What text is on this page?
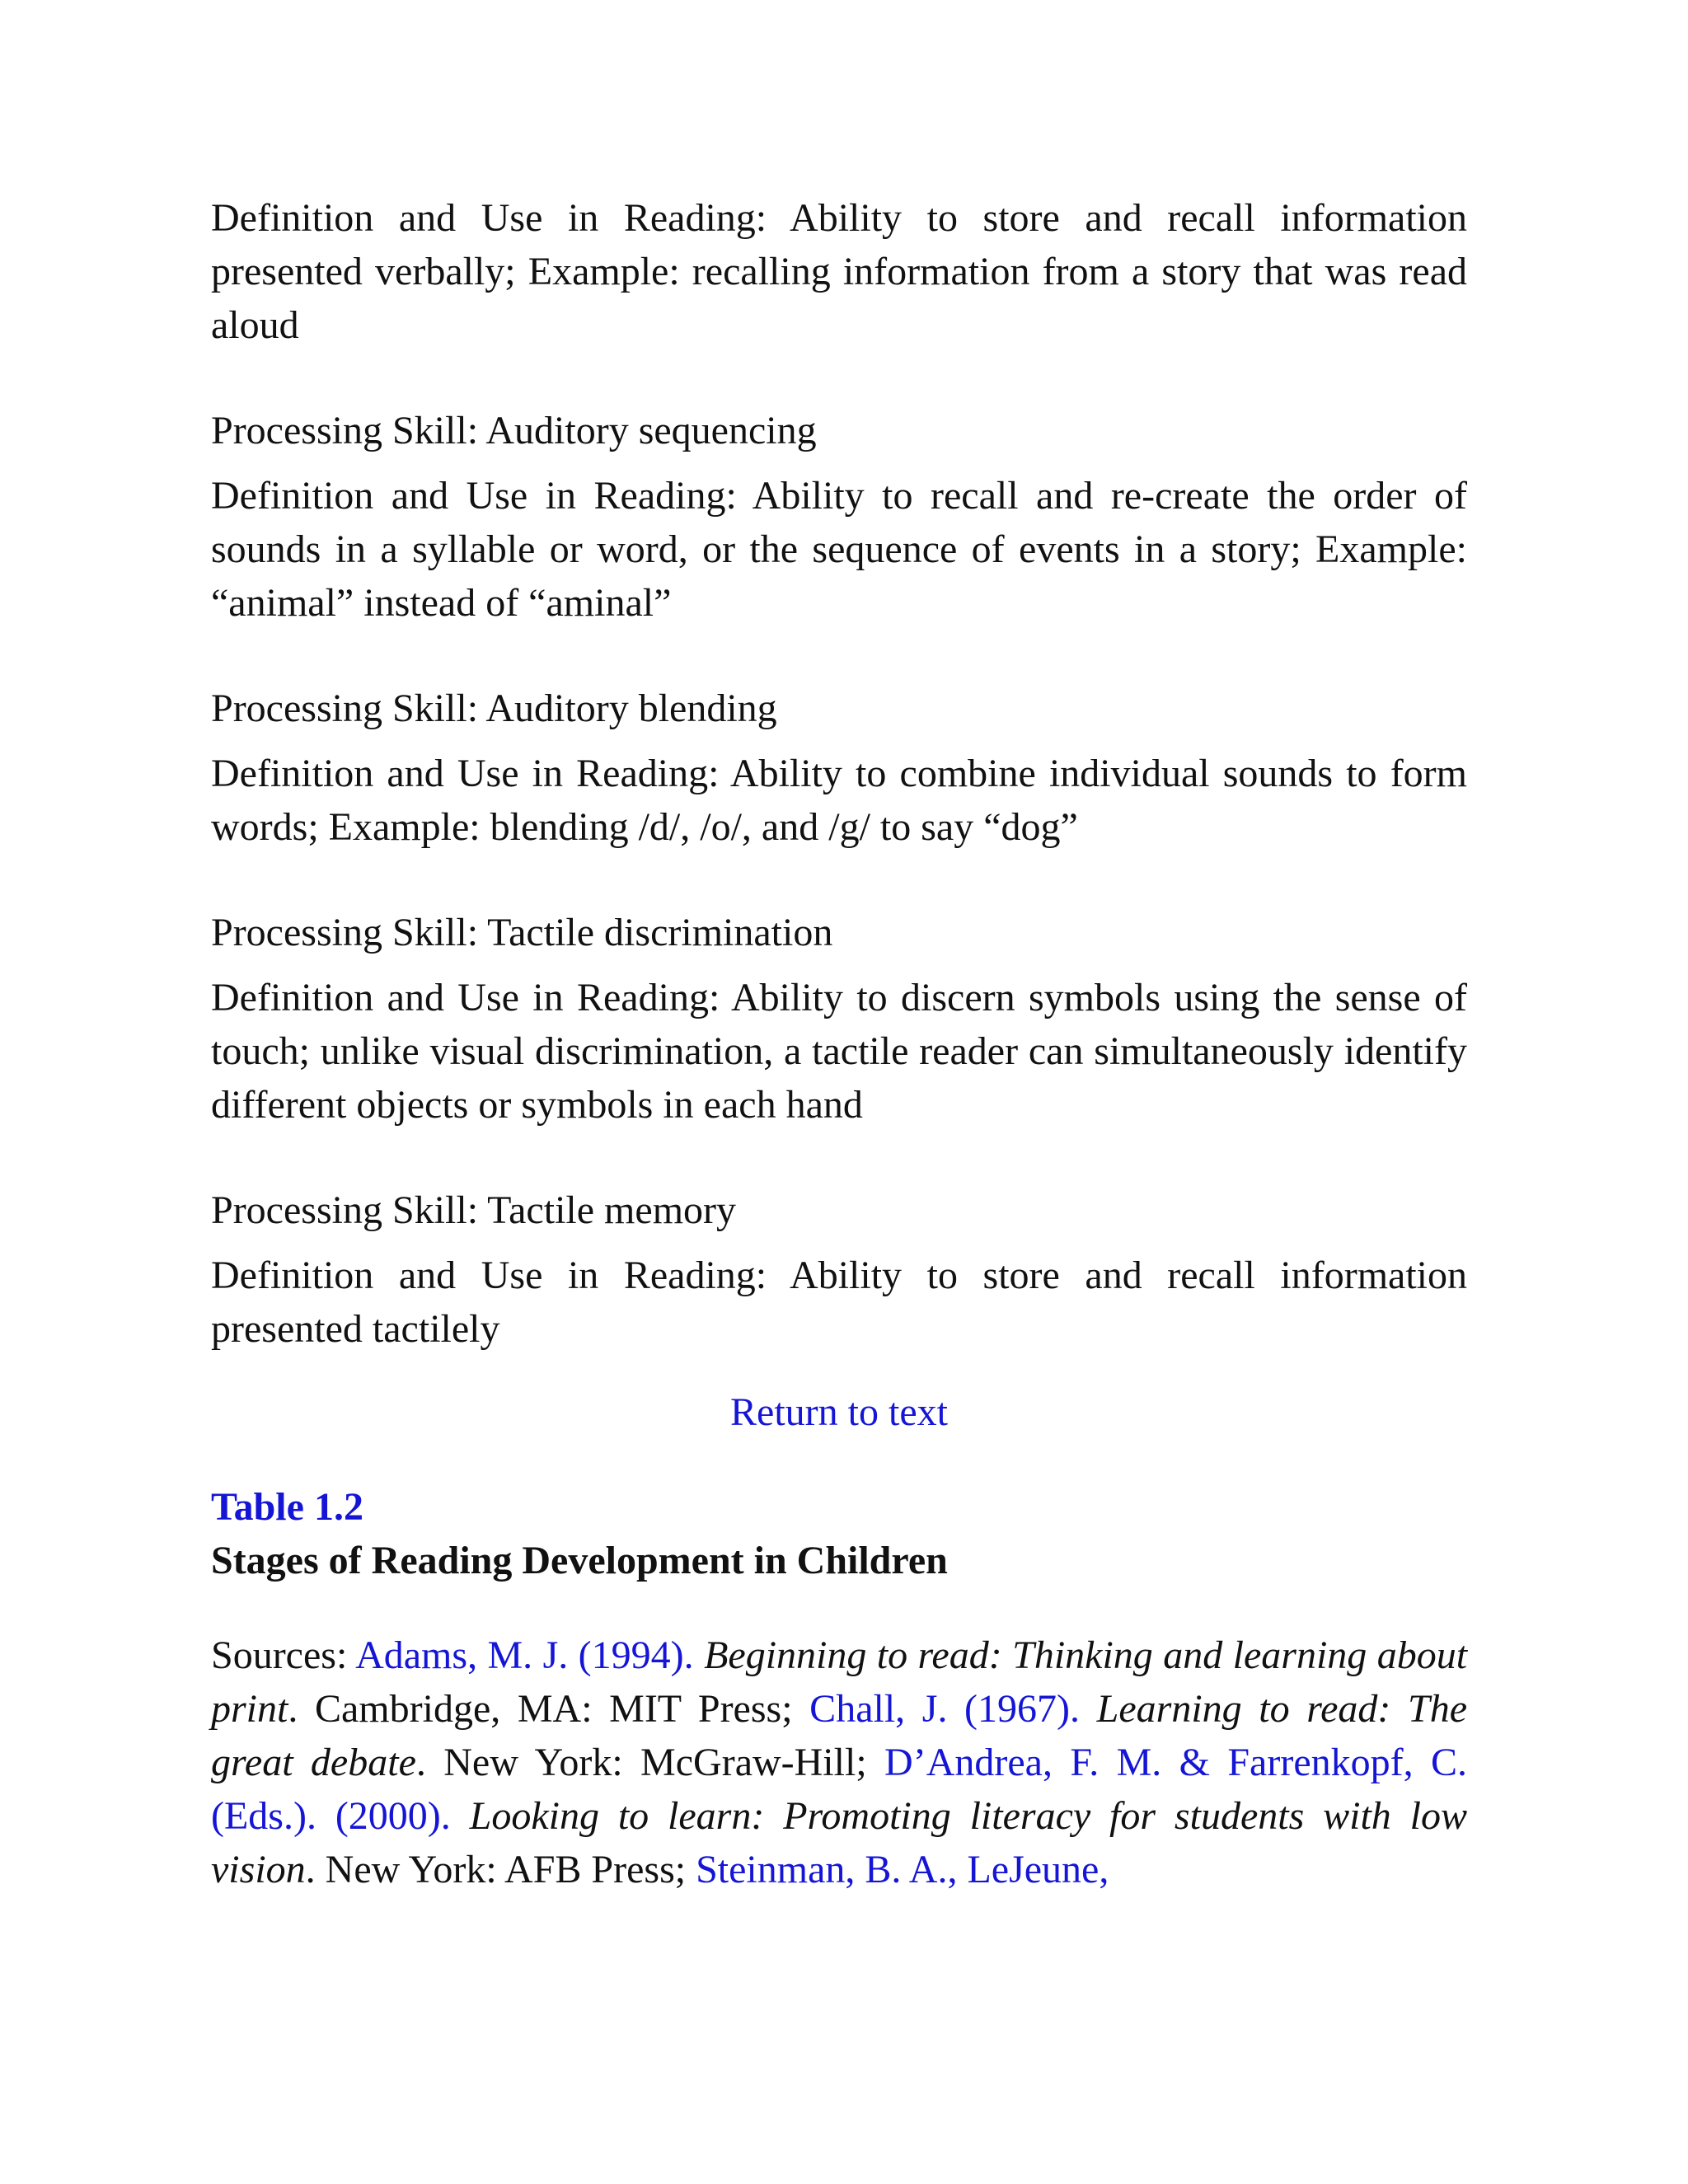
Definition and Use in Reading: Ability to store and recall information presented verbally; Example: recalling information from a story that was read aloud

Processing Skill: Auditory sequencing

Definition and Use in Reading: Ability to recall and re-create the order of sounds in a syllable or word, or the sequence of events in a story; Example: “animal” instead of “aminal”

Processing Skill: Auditory blending

Definition and Use in Reading: Ability to combine individual sounds to form words; Example: blending /d/, /o/, and /g/ to say “dog”

Processing Skill: Tactile discrimination

Definition and Use in Reading: Ability to discern symbols using the sense of touch; unlike visual discrimination, a tactile reader can simultaneously identify different objects or symbols in each hand

Processing Skill: Tactile memory

Definition and Use in Reading: Ability to store and recall information presented tactilely

Return to text

Table 1.2

Stages of Reading Development in Children

Sources: Adams, M. J. (1994). Beginning to read: Thinking and learning about print. Cambridge, MA: MIT Press; Chall, J. (1967). Learning to read: The great debate. New York: McGraw-Hill; D’Andrea, F. M. & Farrenkopf, C. (Eds.). (2000). Looking to learn: Promoting literacy for students with low vision. New York: AFB Press; Steinman, B. A., LeJeune,
